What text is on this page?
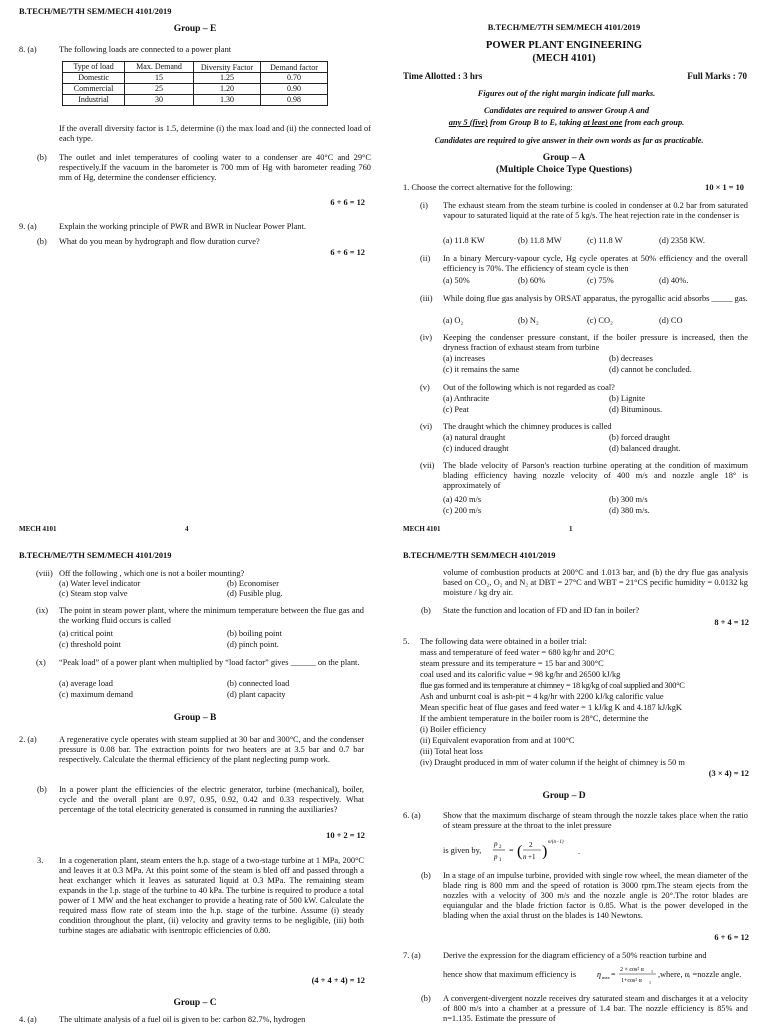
B.TECH/ME/7TH SEM/MECH 4101/2019
Group – E
8. (a)	The following loads are connected to a power plant
Type of load	Max. Demand	Diversity Factor	Demand factor
Domestic	15	1.25	0.70
Commercial	25	1.20	0.90
Industrial	30	1.30	0.98
If the overall diversity factor is 1.5, determine (i) the max load and (ii) the connected load of each type.
(b) The outlet and inlet temperatures of cooling water to a condenser are 40°C and 29°C respectively.If the vacuum in the barometer is 700 mm of Hg with barometer reading 760 mm of Hg, determine the condenser efficiency.
6 + 6 = 12
9. (a)	Explain the working principle of PWR and BWR in Nuclear Power Plant.
(b) What do you mean by hydrograph and flow duration curve?
6 + 6 = 12
MECH 4101	4
B.TECH/ME/7TH SEM/MECH 4101/2019
POWER PLANT ENGINEERING
(MECH 4101)
Time Allotted : 3 hrs	Full Marks : 70
Figures out of the right margin indicate full marks.
Candidates are required to answer Group A and
any 5 (five) from Group B to E, taking at least one from each group.
Candidates are required to give answer in their own words as far as practicable.
Group – A
(Multiple Choice Type Questions)
1. Choose the correct alternative for the following:	10 × 1 = 10
(i) The exhaust steam from the steam turbine is cooled in condenser at 0.2 bar from saturated vapour to saturated liquid at the rate of 5 kg/s. The heat rejection rate in the condenser is
(a) 11.8 KW	(b) 11.8 MW	(c) 11.8 W	(d) 2358 KW.
(ii) In a binary Mercury-vapour cycle, Hg cycle operates at 50% efficiency and the overall efficiency is 70%. The efficiency of steam cycle is then
(a) 50%	(b) 60%	(c) 75%	(d) 40%.
(iii) While doing flue gas analysis by ORSAT apparatus, the pyrogallic acid absorbs _____ gas.
(a) O₂	(b) N₂	(c) CO₂	(d) CO
(iv) Keeping the condenser pressure constant, if the boiler pressure is increased, then the dryness fraction of exhaust steam from turbine
(a) increases	(b) decreases
(c) it remains the same	(d) cannot be concluded.
(v) Out of the following which is not regarded as coal?
(a) Anthracite	(b) Lignite
(c) Peat	(d) Bituminous.
(vi) The draught which the chimney produces is called
(a) natural draught	(b) forced draught
(c) induced draught	(d) balanced draught.
(vii) The blade velocity of Parson's reaction turbine operating at the condition of maximum blading efficiency having nozzle velocity of 400 m/s and nozzle angle 18° is approximately of
(a) 420 m/s	(b) 300 m/s
(c) 200 m/s	(d) 380 m/s.
MECH 4101	1
B.TECH/ME/7TH SEM/MECH 4101/2019
(viii) Off the following , which one is not a boiler mounting?
(a) Water level indicator	(b) Economiser
(c) Steam stop valve	(d) Fusible plug.
(ix) The point in steam power plant, where the minimum temperature between the flue gas and the working fluid occurs is called
(a) critical point	(b) boiling point
(c) threshold point	(d) pinch point.
(x) “Peak load” of a power plant when multiplied by “load factor” gives ______ on the plant.
(a) average load	(b) connected load
(c) maximum demand	(d) plant capacity
Group – B
2. (a)	A regenerative cycle operates with steam supplied at 30 bar and 300°C, and the condenser pressure is 0.08 bar. The extraction points for two heaters are at 3.5 bar and 0.7 bar respectively. Calculate the thermal efficiency of the plant neglecting pump work.
(b) In a power plant the efficiencies of the electric generator, turbine (mechanical), boiler, cycle and the overall plant are 0.97, 0.95, 0.92, 0.42 and 0.33 respectively. What percentage of the total electricity generated is consumed in running the auxiliaries?
10 + 2 = 12
3. In a cogeneration plant, steam enters the h.p. stage of a two-stage turbine at 1 MPa, 200°C and leaves it at 0.3 MPa. At this point some of the steam is bled off and passed through a heat exchanger which it leaves as saturated liquid at 0.3 MPa. The remaining steam expands in the l.p. stage of the turbine to 40 kPa. The turbine is required to produce a total power of 1 MW and the heat exchanger to provide a heating rate of 500 kW. Calculate the required mass flow rate of steam into the h.p. stage of the turbine. Assume (i) steady condition throughout the plant, (ii) velocity and gravity terms to be negligible, (iii) both turbine stages are adiabatic with isentropic efficiencies of 0.80.
(4 + 4 + 4) = 12
Group – C
4. (a)	The ultimate analysis of a fuel oil is given to be: carbon 82.7%, hydrogen
B.TECH/ME/7TH SEM/MECH 4101/2019
volume of combustion products at 200°C and 1.013 bar, and (b) the dry flue gas analysis based on CO₂, O₂ and N₂ at DBT = 27°C and WBT = 21°CS pecific humidity = 0.0132 kg moisture / kg dry air.
(b) State the function and location of FD and ID fan in boiler?
8 + 4 = 12
5. The following data were obtained in a boiler trial:
mass and temperature of feed water = 680 kg/hr and 20°C
steam pressure and its temperature = 15 bar and 300°C
coal used and its calorific value = 98 kg/hr and 26500 kJ/kg
flue gas formed and its temperature at chimney = 18 kg/kg of coal supplied and 300°C
Ash and unburnt coal is ash-pit = 4 kg/hr with 2200 kJ/kg calorific value
Mean specific heat of flue gases and feed water = 1 kJ/kg K and 4.187 kJ/kgK
If the ambient temperature in the boiler room is 28°C, determine the
(i) Boiler efficiency
(ii) Equivalent evaporation from and at 100°C
(iii) Total heat loss
(iv) Draught produced in mm of water column if the height of chimney is 50 m
(3 × 4) = 12
Group – D
6. (a)	Show that the maximum discharge of steam through the nozzle takes place when the ratio of steam pressure at the throat to the inlet pressure
is given by,
p 2
p 1
= ( 2
n +1 )
n/(n−1)
.
(b) In a stage of an impulse turbine, provided with single row wheel, the mean diameter of the blade ring is 800 mm and the speed of rotation is 3000 rpm.The steam ejects from the nozzles with a velocity of 300 m/s and the nozzle angle is 20°.The rotor blades are equiangular and the blade friction factor is 0.85. What is the power developed in the blading when the axial thrust on the blades is 140 Newtons.
6 + 6 = 12
7. (a)	Derive the expression for the diagram efficiency of a 50% reaction turbine and
hence show that maximum efficiency is	η max = 2 × cos² α 1
1+cos² α 1
, where, αᵢ =nozzle angle.
(b) A convergent-divergent nozzle receives dry saturated steam and discharges it at a velocity of 800 m/s into a chamber at a pressure of 1.4 bar. The nozzle efficiency is 85% and n=1.135. Estimate the pressure of
